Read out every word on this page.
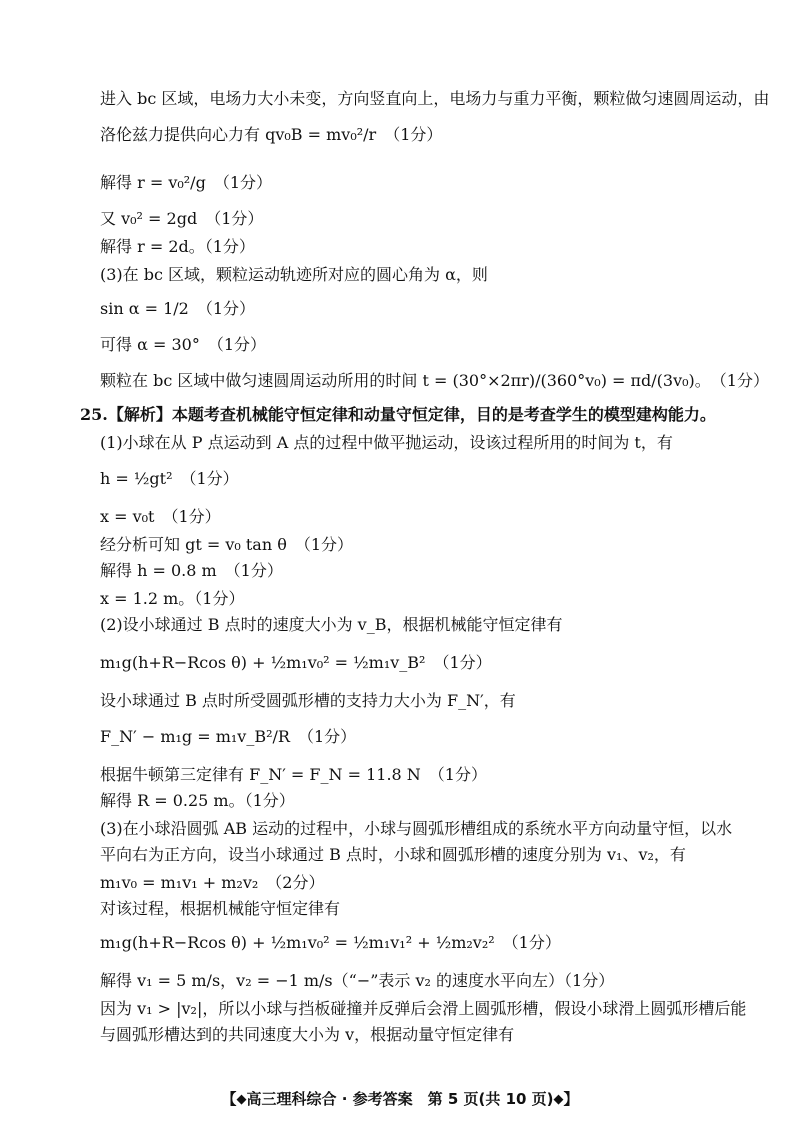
进入 bc 区域，电场力大小未变，方向竖直向上，电场力与重力平衡，颗粒做匀速圆周运动，由
洛伦兹力提供向心力有 qv₀B = mv₀²/r　（1分）
解得 r = v₀²/g　（1分）
又 v₀² = 2gd　（1分）
解得 r = 2d。（1分）
(3)在 bc 区域，颗粒运动轨迹所对应的圆心角为 α，则
sin α = 1/2　（1分）
可得 α = 30°　（1分）
颗粒在 bc 区域中做匀速圆周运动所用的时间 t = (30°×2πr)/(360°v₀) = πd/(3v₀)。　（1分）
25.【解析】本题考查机械能守恒定律和动量守恒定律，目的是考查学生的模型建构能力。
(1)小球在从 P 点运动到 A 点的过程中做平抛运动，设该过程所用的时间为 t，有
h = ½gt²　（1分）
x = v₀t　（1分）
经分析可知 gt = v₀ tan θ　（1分）
解得 h = 0.8 m　（1分）
x = 1.2 m。（1分）
(2)设小球通过 B 点时的速度大小为 v_B，根据机械能守恒定律有
m₁g(h+R−Rcos θ) + ½m₁v₀² = ½m₁v_B²　（1分）
设小球通过 B 点时所受圆弧形槽的支持力大小为 F_N′，有
F_N′ − m₁g = m₁v_B²/R　（1分）
根据牛顿第三定律有 F_N′ = F_N = 11.8 N　（1分）
解得 R = 0.25 m。（1分）
(3)在小球沿圆弧 AB 运动的过程中，小球与圆弧形槽组成的系统水平方向动量守恒，以水
平向右为正方向，设当小球通过 B 点时，小球和圆弧形槽的速度分别为 v₁、v₂，有
m₁v₀ = m₁v₁ + m₂v₂　（2分）
对该过程，根据机械能守恒定律有
m₁g(h+R−Rcos θ) + ½m₁v₀² = ½m₁v₁² + ½m₂v₂²　（1分）
解得 v₁ = 5 m/s，v₂ = −1 m/s（“−”表示 v₂ 的速度水平向左）（1分）
因为 v₁ > |v₂|，所以小球与挡板碰撞并反弹后会滑上圆弧形槽，假设小球滑上圆弧形槽后能
与圆弧形槽达到的共同速度大小为 v，根据动量守恒定律有
【◆高三理科综合 · 参考答案　第 5 页(共 10 页)◆】
